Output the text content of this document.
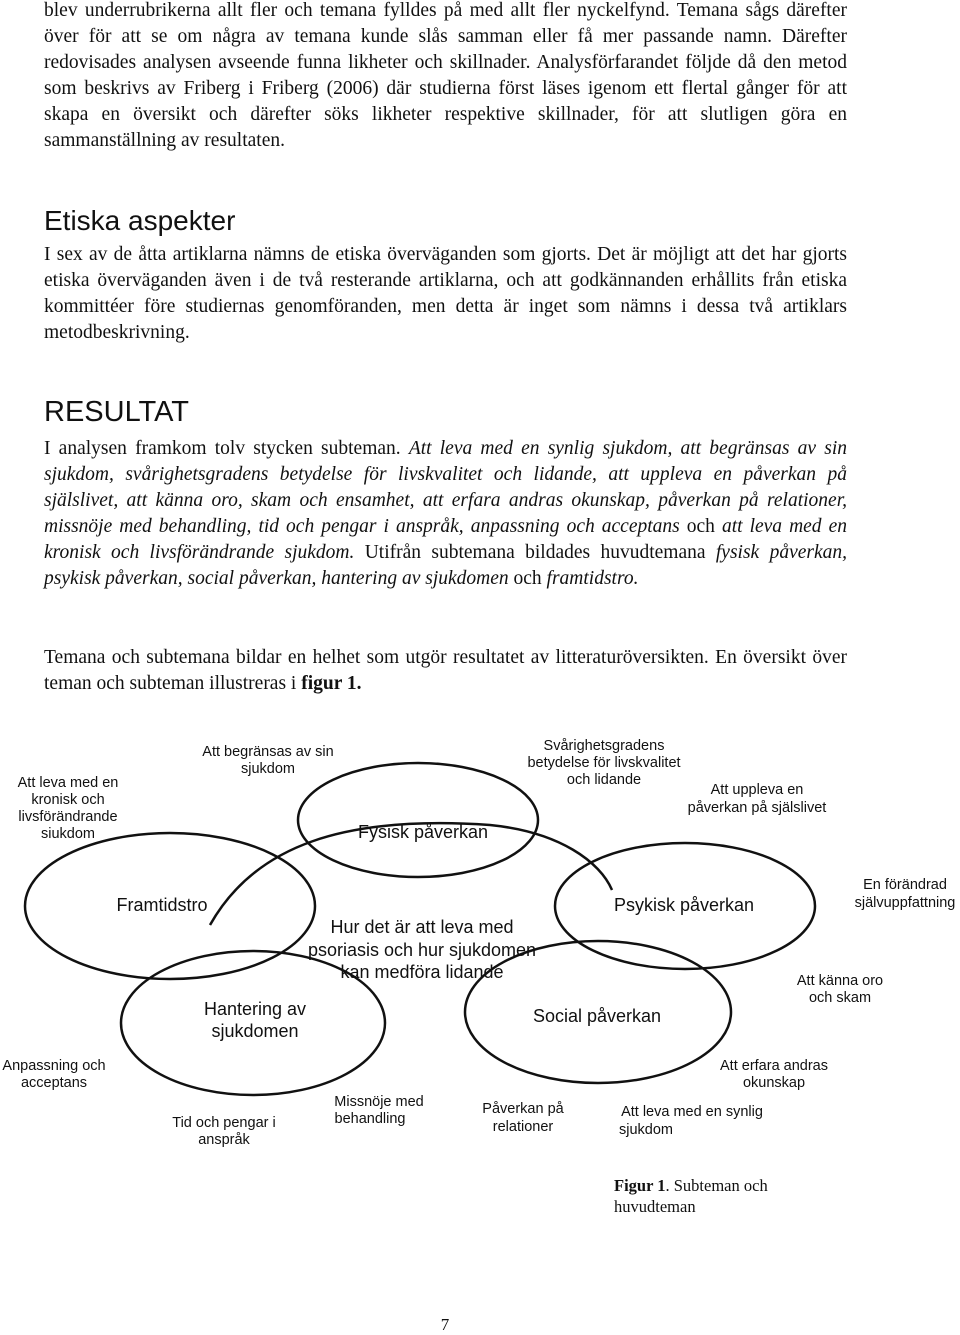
blev underrubrikerna allt fler och temana fylldes på med allt fler nyckelfynd. Temana sågs därefter över för att se om några av temana kunde slås samman eller få mer passande namn. Därefter redovisades analysen avseende funna likheter och skillnader. Analysförfarandet följde då den metod som beskrivs av Friberg i Friberg (2006) där studierna först läses igenom ett flertal gånger för att skapa en översikt och därefter söks likheter respektive skillnader, för att slutligen göra en sammanställning av resultaten.
Etiska aspekter
I sex av de åtta artiklarna nämns de etiska överväganden som gjorts. Det är möjligt att det har gjorts etiska överväganden även i de två resterande artiklarna, och att godkännanden erhållits från etiska kommittéer före studiernas genomföranden, men detta är inget som nämns i dessa två artiklars metodbeskrivning.
RESULTAT
I analysen framkom tolv stycken subteman. Att leva med en synlig sjukdom, att begränsas av sin sjukdom, svårighetsgradens betydelse för livskvalitet och lidande, att uppleva en påverkan på själslivet, att känna oro, skam och ensamhet, att erfara andras okunskap, påverkan på relationer, missnöje med behandling, tid och pengar i anspråk, anpassning och acceptans och att leva med en kronisk och livsförändrande sjukdom. Utifrån subtemana bildades huvudtemana fysisk påverkan, psykisk påverkan, social påverkan, hantering av sjukdomen och framtidstro.
Temana och subtemana bildar en helhet som utgör resultatet av litteraturöversikten. En översikt över teman och subteman illustreras i figur 1.
Hur det är att leva med
psoriasis och hur sjukdomen
kan medföra lidande
Fysisk påverkan
Framtidstro	Psykisk påverkan
Hantering av
sjukdomen
Social påverkan
Att leva med en
kronisk och
livsförändrande
siukdom
Att begränsas av sin
sjukdom
Svårighetsgradens
betydelse för livskvalitet
och lidande
Att uppleva en
påverkan på själslivet
En förändrad
självuppfattning
Att känna oro
och skam
Anpassning och
acceptans
Tid och pengar i
anspråk
Missnöje med
behandling
Påverkan på
relationer
Att leva med en synlig
sjukdom
Att erfara andras
okunskap

Figur 1. Subteman och huvudteman

7
